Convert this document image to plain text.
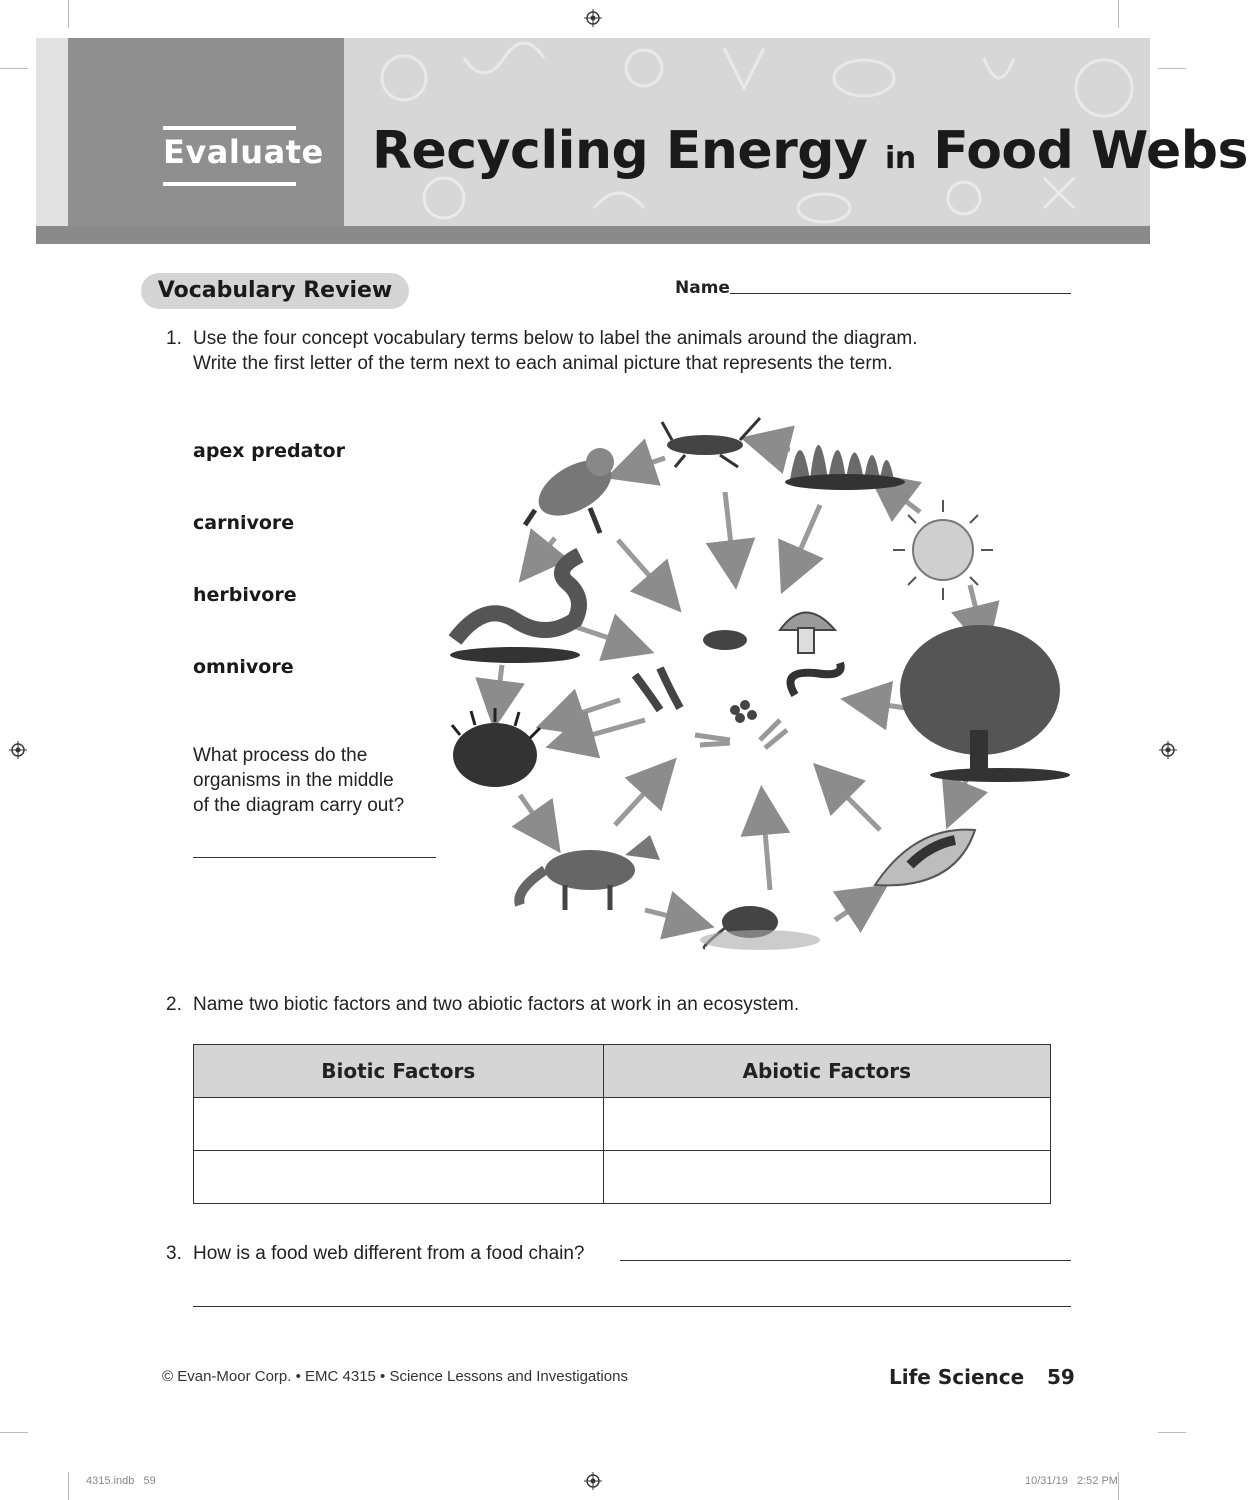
Evaluate Recycling Energy in Food Webs
Vocabulary Review	Name
1. Use the four concept vocabulary terms below to label the animals around the diagram.
Write the first letter of the term next to each animal picture that represents the term.
apex predator
carnivore
herbivore
omnivore
What process do the
organisms in the middle
of the diagram carry out?
2. Name two biotic factors and two abiotic factors at work in an ecosystem.
Biotic Factors	Abiotic Factors

3. How is a food web different from a food chain?
© Evan-Moor Corp. • EMC 4315 • Science Lessons and Investigations	Life Science 59
4315.indb   59	10/31/19   2:52 PM
